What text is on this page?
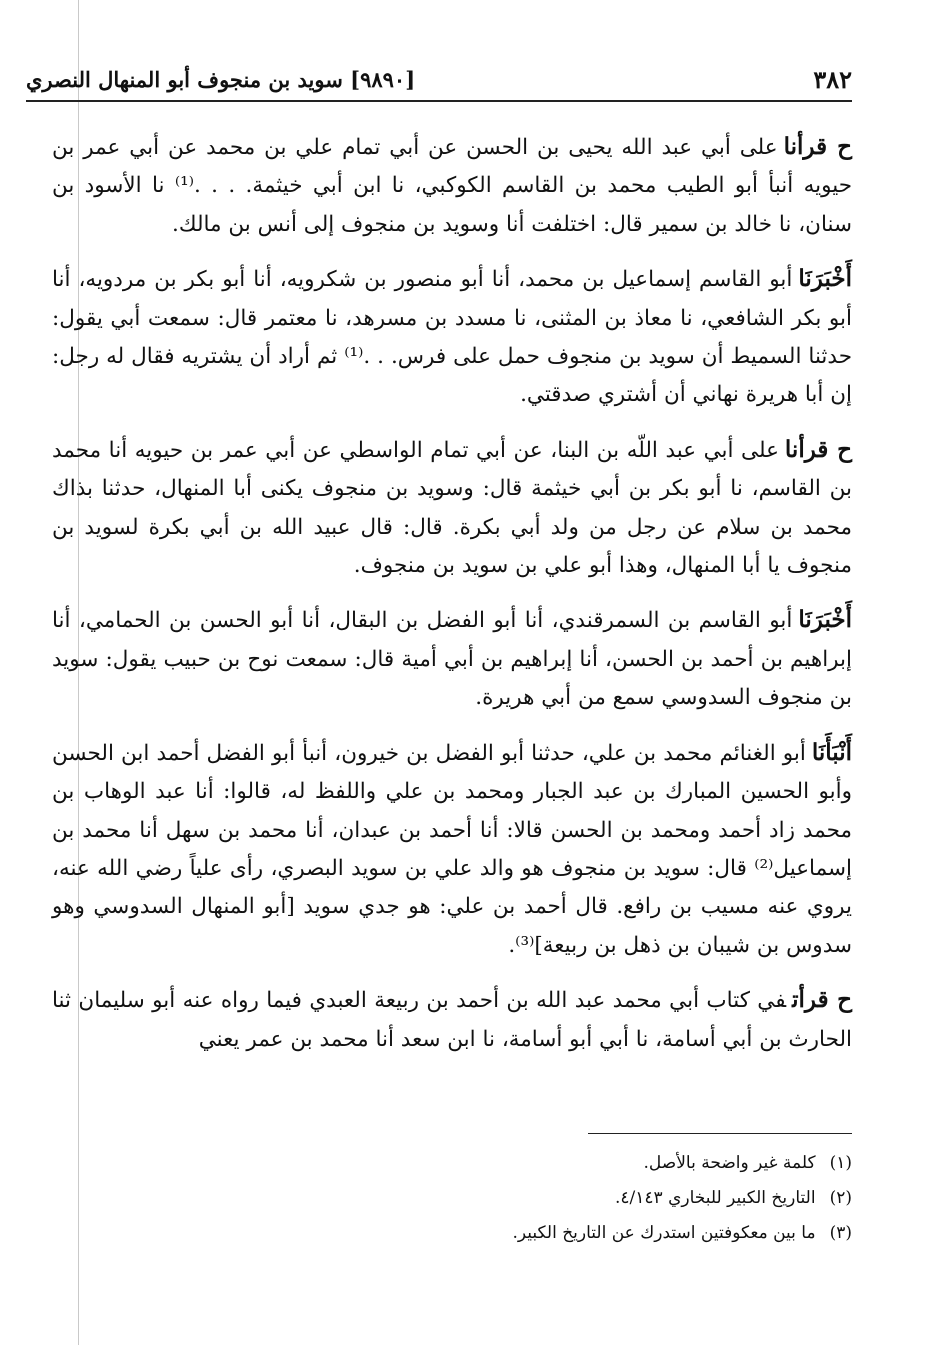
٣٨٢
[٩٨٩٠] سويد بن منجوف أبو المنهال النصري

ح قرأناعلى أبي عبد الله يحيى بن الحسن عن أبي تمام علي بن محمد عن أبي عمر بن حيويه أنبأ أبو الطيب محمد بن القاسم الكوكبي، نا ابن أبي خيثمة. . . .⁽¹⁾ نا الأسود بن سنان، نا خالد بن سمير قال: اختلفت أنا وسويد بن منجوف إلى أنس بن مالك.

أَخْبَرَنَاأبو القاسم إسماعيل بن محمد، أنا أبو منصور بن شكرويه، أنا أبو بكر بن مردويه، أنا أبو بكر الشافعي، نا معاذ بن المثنى، نا مسدد بن مسرهد، نا معتمر قال: سمعت أبي يقول: حدثنا السميط أن سويد بن منجوف حمل على فرس. . .⁽¹⁾ ثم أراد أن يشتريه فقال له رجل: إن أبا هريرة نهاني أن أشتري صدقتي.

ح قرأناعلى أبي عبد اللّه بن البنا، عن أبي تمام الواسطي عن أبي عمر بن حيويه أنا محمد بن القاسم، نا أبو بكر بن أبي خيثمة قال: وسويد بن منجوف يكنى أبا المنهال، حدثنا بذاك محمد بن سلام عن رجل من ولد أبي بكرة. قال: قال عبيد الله بن أبي بكرة لسويد بن منجوف يا أبا المنهال، وهذا أبو علي بن سويد بن منجوف.

أَخْبَرَنَاأبو القاسم بن السمرقندي، أنا أبو الفضل بن البقال، أنا أبو الحسن بن الحمامي، أنا إبراهيم بن أحمد بن الحسن، أنا إبراهيم بن أبي أمية قال: سمعت نوح بن حبيب يقول: سويد بن منجوف السدوسي سمع من أبي هريرة.

أَنْبَأَنَاأبو الغنائم محمد بن علي، حدثنا أبو الفضل بن خيرون، أنبأ أبو الفضل أحمد ابن الحسن وأبو الحسين المبارك بن عبد الجبار ومحمد بن علي واللفظ له، قالوا: أنا عبد الوهاب بن محمد زاد أحمد ومحمد بن الحسن قالا: أنا أحمد بن عبدان، أنا محمد بن سهل أنا محمد بن إسماعيل⁽²⁾ قال: سويد بن منجوف هو والد علي بن سويد البصري، رأى علياً رضي الله عنه، يروي عنه مسيب بن رافع. قال أحمد بن علي: هو جدي سويد [أبو المنهال السدوسي وهو سدوس بن شيبان بن ذهل بن ربيعة]⁽³⁾.

ح قرأتفي كتاب أبي محمد عبد الله بن أحمد بن ربيعة العبدي فيما رواه عنه أبو سليمان ثنا الحارث بن أبي أسامة، نا أبي أبو أسامة، نا ابن سعد أنا محمد بن عمر يعني

(١)كلمة غير واضحة بالأصل.
(٢)التاريخ الكبير للبخاري ٤/١٤٣.
(٣)ما بين معكوفتين استدرك عن التاريخ الكبير.
